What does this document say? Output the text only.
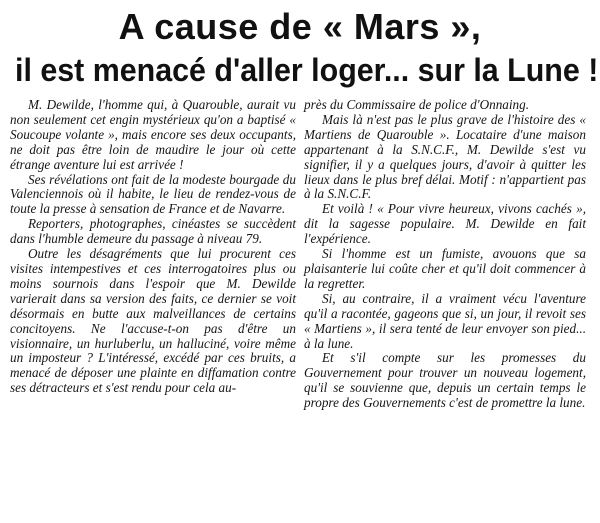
A cause de « Mars »,
il est menacé d'aller loger... sur la Lune !

M. Dewilde, l'homme qui, à Quarouble, aurait vu non seulement cet engin mystérieux qu'on a baptisé « Soucoupe volante », mais encore ses deux occupants, ne doit pas être loin de maudire le jour où cette étrange aventure lui est arrivée !

Ses révélations ont fait de la modeste bourgade du Valenciennois où il habite, le lieu de rendez-vous de toute la presse à sensation de France et de Navarre.

Reporters, photographes, cinéastes se succèdent dans l'humble demeure du passage à niveau 79.

Outre les désagréments que lui procurent ces visites intempestives et ces interrogatoires plus ou moins sournois dans l'espoir que M. Dewilde varierait dans sa version des faits, ce dernier se voit désormais en butte aux malveillances de certains concitoyens. Ne l'accuse-t-on pas d'être un visionnaire, un hurluberlu, un halluciné, voire même un imposteur ? L'intéressé, excédé par ces bruits, a menacé de déposer une plainte en diffamation contre ses détracteurs et s'est rendu pour cela au-

près du Commissaire de police d'Onnaing.

Mais là n'est pas le plus grave de l'histoire des « Martiens de Quarouble ». Locataire d'une maison appartenant à la S.N.C.F., M. Dewilde s'est vu signifier, il y a quelques jours, d'avoir à quitter les lieux dans le plus bref délai. Motif : n'appartient pas à la S.N.C.F.

Et voilà ! « Pour vivre heureux, vivons cachés », dit la sagesse populaire. M. Dewilde en fait l'expérience.

Si l'homme est un fumiste, avouons que sa plaisanterie lui coûte cher et qu'il doit commencer à la regretter.

Si, au contraire, il a vraiment vécu l'aventure qu'il a racontée, gageons que si, un jour, il revoit ses « Martiens », il sera tenté de leur envoyer son pied... à la lune.

Et s'il compte sur les promesses du Gouvernement pour trouver un nouveau logement, qu'il se souvienne que, depuis un certain temps le propre des Gouvernements c'est de promettre la lune.
